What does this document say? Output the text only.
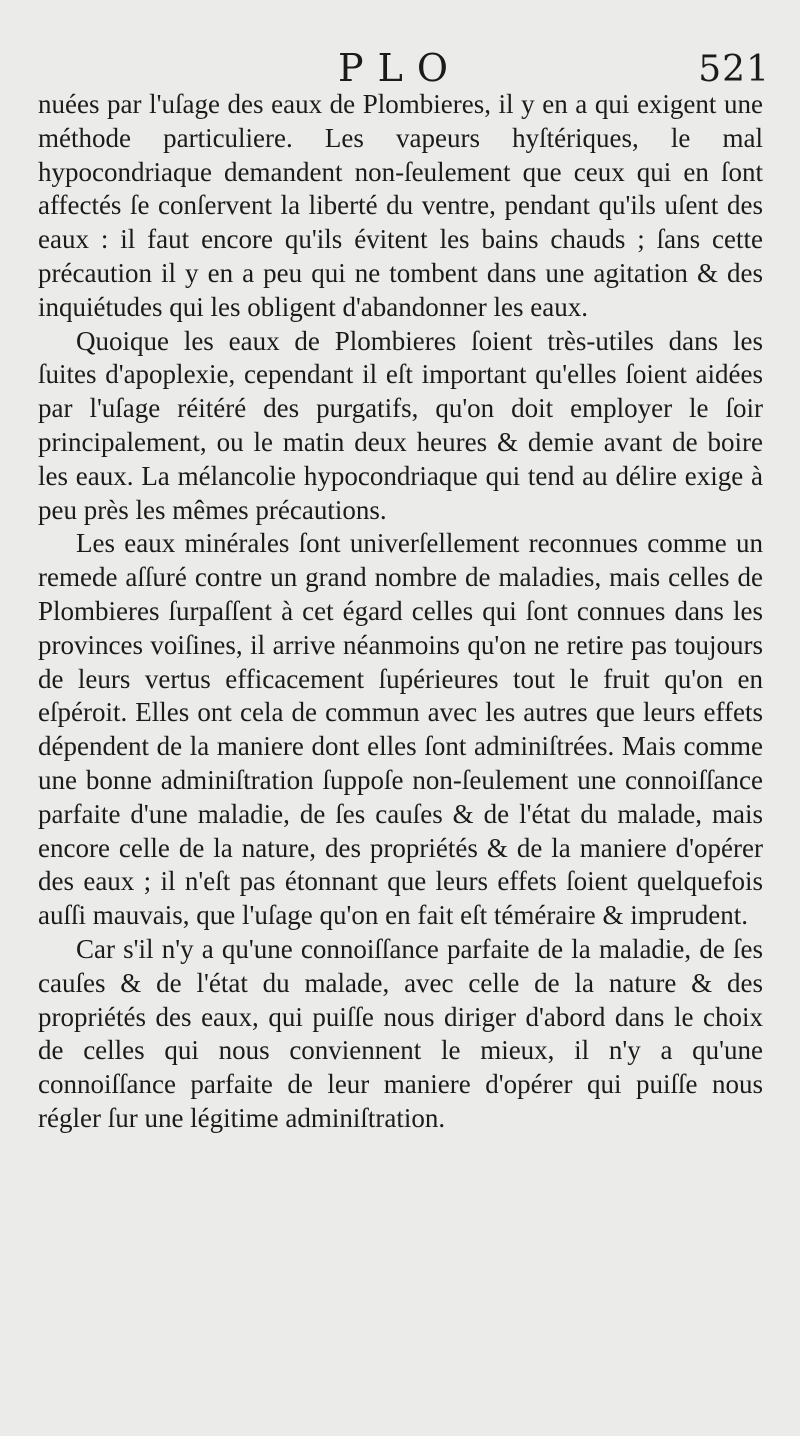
PLO	521

nuées par l'uſage des eaux de Plombieres, il y en a qui exigent une méthode particuliere. Les vapeurs hyſtériques, le mal hypocondriaque demandent non-ſeulement que ceux qui en ſont affectés ſe conſervent la liberté du ventre, pendant qu'ils uſent des eaux : il faut encore qu'ils évitent les bains chauds ; ſans cette précaution il y en a peu qui ne tombent dans une agitation & des inquiétudes qui les obligent d'abandonner les eaux.

Quoique les eaux de Plombieres ſoient très-utiles dans les ſuites d'apoplexie, cependant il eſt important qu'elles ſoient aidées par l'uſage réitéré des purgatifs, qu'on doit employer le ſoir principalement, ou le matin deux heures & demie avant de boire les eaux. La mélancolie hypocondriaque qui tend au délire exige à peu près les mêmes précautions.

Les eaux minérales ſont univerſellement reconnues comme un remede aſſuré contre un grand nombre de maladies, mais celles de Plombieres ſurpaſſent à cet égard celles qui ſont connues dans les provinces voiſines, il arrive néanmoins qu'on ne retire pas toujours de leurs vertus efficacement ſupérieures tout le fruit qu'on en eſpéroit. Elles ont cela de commun avec les autres que leurs effets dépendent de la maniere dont elles ſont adminiſtrées. Mais comme une bonne adminiſtration ſuppoſe non-ſeulement une connoiſſance parfaite d'une maladie, de ſes cauſes & de l'état du malade, mais encore celle de la nature, des propriétés & de la maniere d'opérer des eaux ; il n'eſt pas étonnant que leurs effets ſoient quelquefois auſſi mauvais, que l'uſage qu'on en fait eſt téméraire & imprudent.

Car s'il n'y a qu'une connoiſſance parfaite de la maladie, de ſes cauſes & de l'état du malade, avec celle de la nature & des propriétés des eaux, qui puiſſe nous diriger d'abord dans le choix de celles qui nous conviennent le mieux, il n'y a qu'une connoiſſance parfaite de leur maniere d'opérer qui puiſſe nous régler ſur une légitime adminiſtration.
